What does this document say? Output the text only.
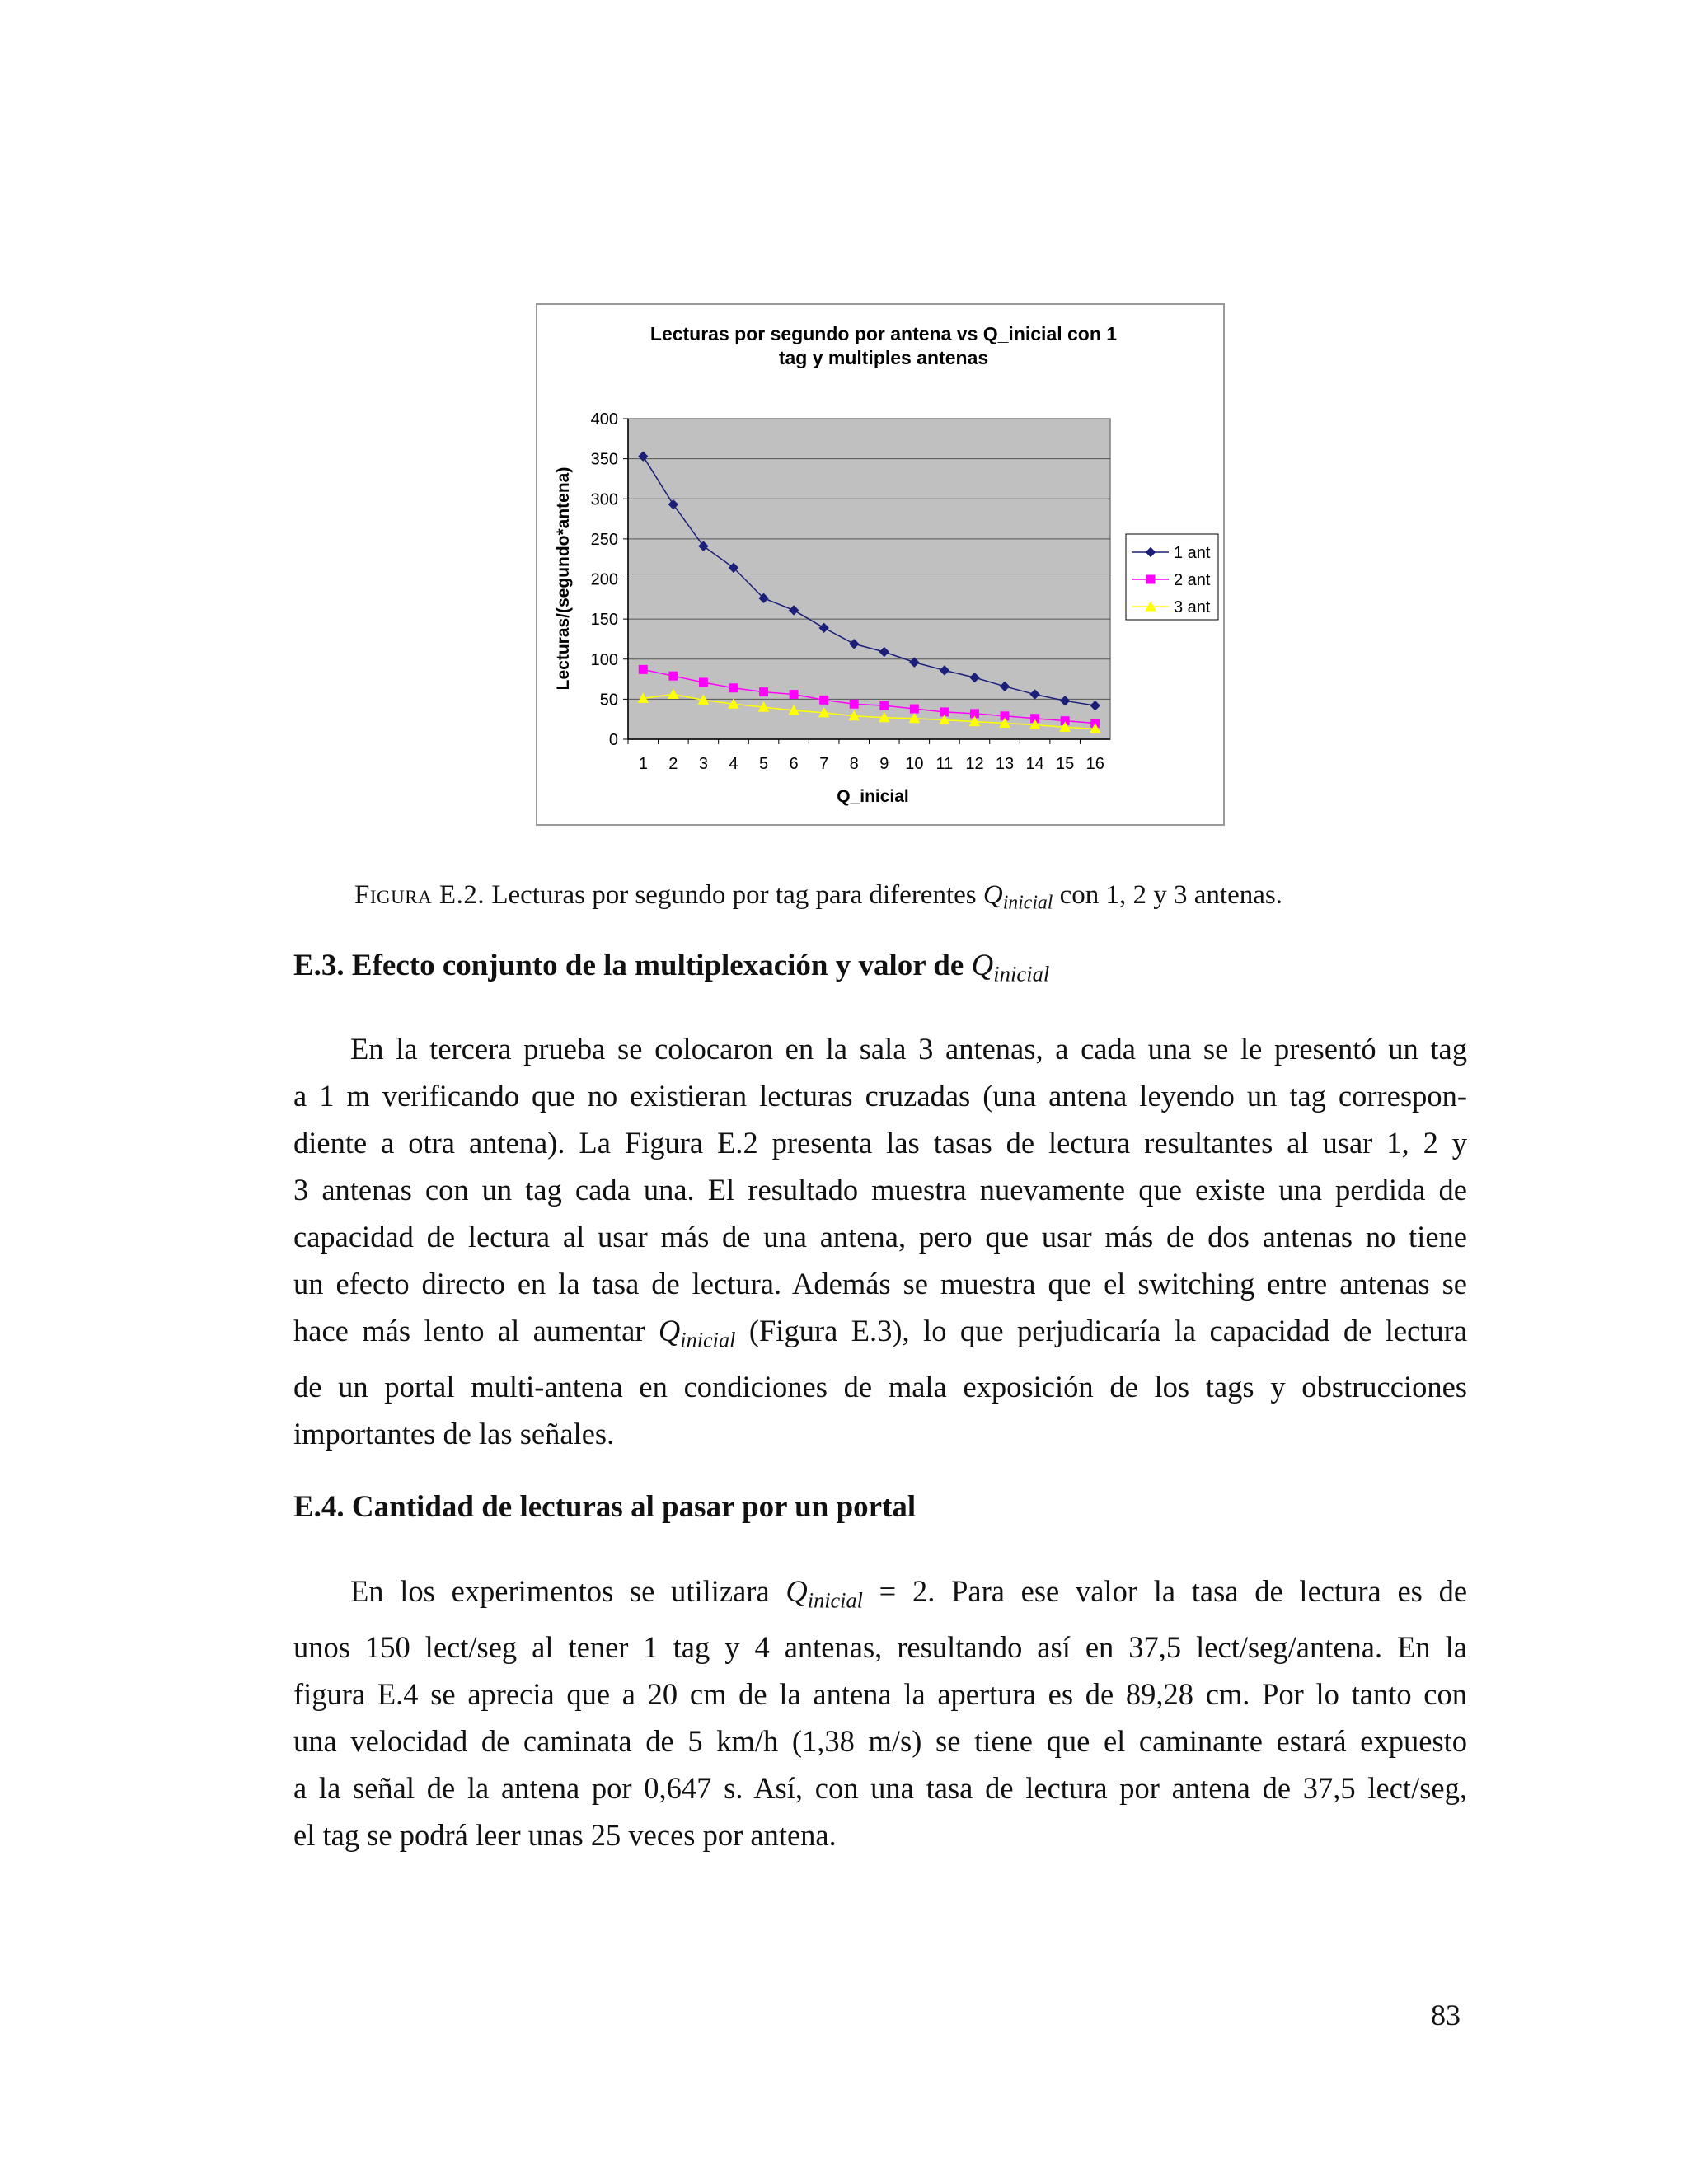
Lecturas por segundo por antena vs Q_inicial con 1
tag y multiples antenas
0
50
100
150
200
250
300
350
400
1 2 3 4 5 6 7 8 9 10 11 12 13 14 15 16
Lecturas/(segundo*antena)
Q_inicial
1 ant
2 ant
3 ant
Figura E.2. Lecturas por segundo por tag para diferentes $Q_{inicial}$ con 1, 2 y 3 antenas.
E.3. Efecto conjunto de la multiplexación y valor de $Q_{inicial}$
En la tercera prueba se colocaron en la sala 3 antenas, a cada una se le presentó un tag
a 1 m verificando que no existieran lecturas cruzadas (una antena leyendo un tag correspon-
diente a otra antena). La Figura E.2 presenta las tasas de lectura resultantes al usar 1, 2 y
3 antenas con un tag cada una. El resultado muestra nuevamente que existe una perdida de
capacidad de lectura al usar más de una antena, pero que usar más de dos antenas no tiene
un efecto directo en la tasa de lectura. Además se muestra que el switching entre antenas se
hace más lento al aumentar $Q_{inicial}$ (Figura E.3), lo que perjudicaría la capacidad de lectura
de un portal multi-antena en condiciones de mala exposición de los tags y obstrucciones
importantes de las señales.
E.4. Cantidad de lecturas al pasar por un portal
En los experimentos se utilizara $Q_{inicial} = 2$. Para ese valor la tasa de lectura es de
unos 150 lect/seg al tener 1 tag y 4 antenas, resultando así en 37,5 lect/seg/antena. En la
figura E.4 se aprecia que a 20 cm de la antena la apertura es de 89,28 cm. Por lo tanto con
una velocidad de caminata de 5 km/h (1,38 m/s) se tiene que el caminante estará expuesto
a la señal de la antena por 0,647 s. Así, con una tasa de lectura por antena de 37,5 lect/seg,
el tag se podrá leer unas 25 veces por antena.
83
